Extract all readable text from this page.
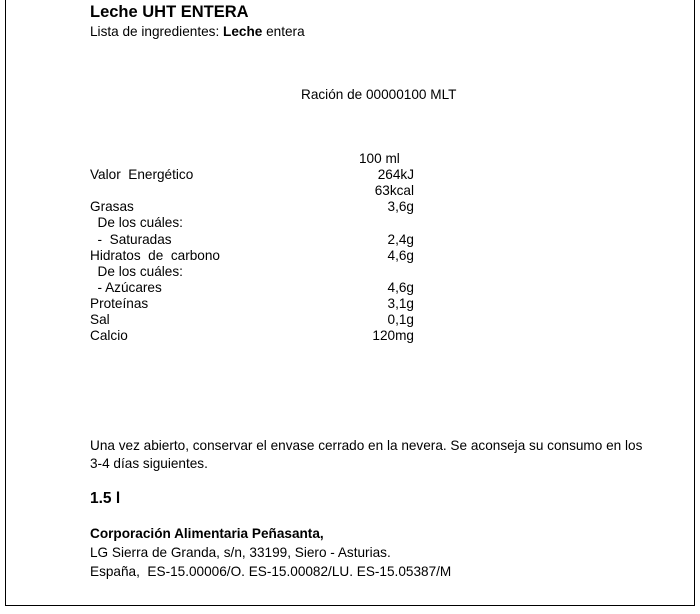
Leche UHT ENTERA
Lista de ingredientes: Leche entera
Ración de 00000100 MLT
100 ml
Valor  Energético	264kJ
63kcal
Grasas	3,6g
De los cuáles:
-  Saturadas	2,4g
Hidratos  de  carbono	4,6g
De los cuáles:
- Azúcares	4,6g
Proteínas	3,1g
Sal	0,1g
Calcio	120mg
Una vez abierto, conservar el envase cerrado en la nevera. Se aconseja su consumo en los 3-4 días siguientes.
1.5 l
Corporación Alimentaria Peñasanta,
LG Sierra de Granda, s/n, 33199, Siero - Asturias.
España,  ES-15.00006/O. ES-15.00082/LU. ES-15.05387/M
